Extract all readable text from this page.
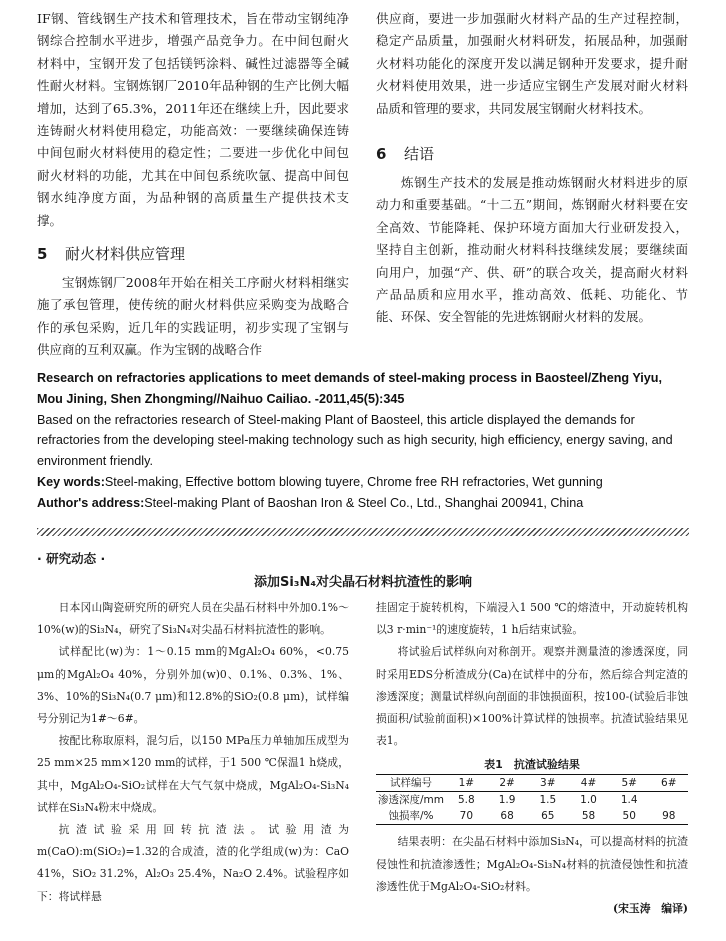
IF钢、管线钢生产技术和管理技术，旨在带动宝钢纯净钢综合控制水平进步，增强产品竞争力。在中间包耐火材料中，宝钢开发了包括镁钙涂料、碱性过滤器等全碱性耐火材料。宝钢炼钢厂2010年品种钢的生产比例大幅增加，达到了65.3%，2011年还在继续上升，因此要求连铸耐火材料使用稳定，功能高效：一要继续确保连铸中间包耐火材料使用的稳定性；二要进一步优化中间包耐火材料的功能，尤其在中间包系统吹氩、提高中间包钢水纯净度方面，为品种钢的高质量生产提供技术支撑。

5 耐火材料供应管理

宝钢炼钢厂2008年开始在相关工序耐火材料相继实施了承包管理，使传统的耐火材料供应采购变为战略合作的承包采购，近几年的实践证明，初步实现了宝钢与供应商的互利双赢。作为宝钢的战略合作

供应商，要进一步加强耐火材料产品的生产过程控制，稳定产品质量，加强耐火材料研发，拓展品种，加强耐火材料功能化的深度开发以满足钢种开发要求，提升耐火材料使用效果，进一步适应宝钢生产发展对耐火材料品质和管理的要求，共同发展宝钢耐火材料技术。

6 结语

炼钢生产技术的发展是推动炼钢耐火材料进步的原动力和重要基础。“十二五”期间，炼钢耐火材料要在安全高效、节能降耗、保护环境方面加大行业研发投入，坚持自主创新，推动耐火材料科技继续发展；要继续面向用户，加强“产、供、研”的联合攻关，提高耐火材料产品品质和应用水平，推动高效、低耗、功能化、节能、环保、安全智能的先进炼钢耐火材料的发展。

Research on refractories applications to meet demands of steel-making process in Baosteel/Zheng Yiyu, Mou Jining, Shen Zhongming//Naihuo Cailiao. -2011,45(5):345

Based on the refractories research of Steel-making Plant of Baosteel, this article displayed the demands for refractories from the developing steel-making technology such as high security, high efficiency, energy saving, and environment friendly.

Key words:Steel-making, Effective bottom blowing tuyere, Chrome free RH refractories, Wet gunning

Author's address:Steel-making Plant of Baoshan Iron & Steel Co., Ltd., Shanghai 200941, China

· 研究动态 ·
添加Si₃N₄对尖晶石材料抗渣性的影响

日本冈山陶瓷研究所的研究人员在尖晶石材料中外加0.1%～10%(w)的Si₃N₄，研究了Si₃N₄对尖晶石材料抗渣性的影响。

试样配比(w)为：1～0.15 mm的MgAl₂O₄ 60%，<0.75 μm的MgAl₂O₄ 40%，分别外加(w)0、0.1%、0.3%、1%、3%、10%的Si₃N₄(0.7 μm)和12.8%的SiO₂(0.8 μm)，试样编号分别记为1#～6#。

按配比称取原料，混匀后，以150 MPa压力单轴加压成型为25 mm×25 mm×120 mm的试样，于1 500 ℃保温1 h烧成，其中，MgAl₂O₄-SiO₂试样在大气气氛中烧成，MgAl₂O₄-Si₃N₄试样在Si₃N₄粉末中烧成。

抗渣试验采用回转抗渣法。试验用渣为m(CaO):m(SiO₂)=1.32的合成渣，渣的化学组成(w)为：CaO 41%，SiO₂ 31.2%，Al₂O₃ 25.4%，Na₂O 2.4%。试验程序如下：将试样悬

挂固定于旋转机构，下端浸入1 500 ℃的熔渣中，开动旋转机构以3 r·min⁻¹的速度旋转，1 h后结束试验。

将试验后试样纵向对称剖开。观察并测量渣的渗透深度，同时采用EDS分析渣成分(Ca)在试样中的分布，然后综合判定渣的渗透深度；测量试样纵向剖面的非蚀损面积，按100-(试验后非蚀损面积/试验前面积)×100%计算试样的蚀损率。抗渣试验结果见表1。

表1　抗渣试验结果
试样编号	1#	2#	3#	4#	5#	6#
渗透深度/mm	5.8	1.9	1.5	1.0	1.4	
蚀损率/%	70	68	65	58	50	98

结果表明：在尖晶石材料中添加Si₃N₄，可以提高材料的抗渣侵蚀性和抗渣渗透性；MgAl₂O₄-Si₃N₄材料的抗渣侵蚀性和抗渣渗透性优于MgAl₂O₄-SiO₂材料。

(宋玉涛　编译)
